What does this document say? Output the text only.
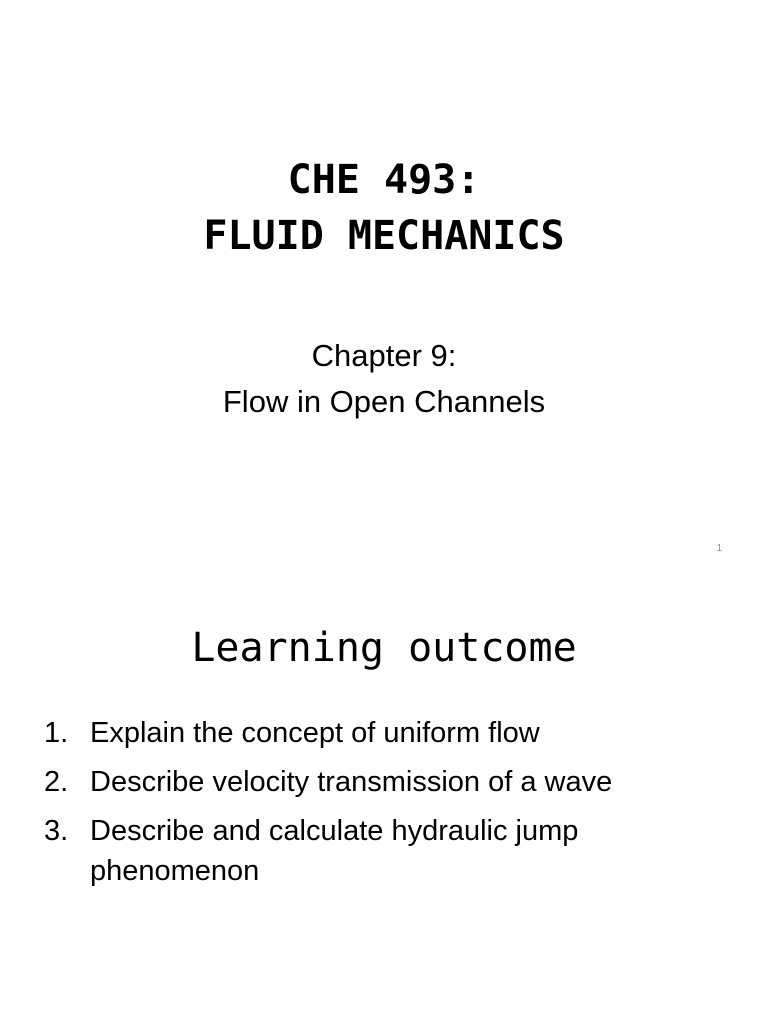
CHE 493:
FLUID MECHANICS
Chapter 9:
Flow in Open Channels
1
Learning outcome
1. Explain the concept of uniform flow
2. Describe velocity transmission of a wave
3. Describe and calculate hydraulic jump phenomenon
